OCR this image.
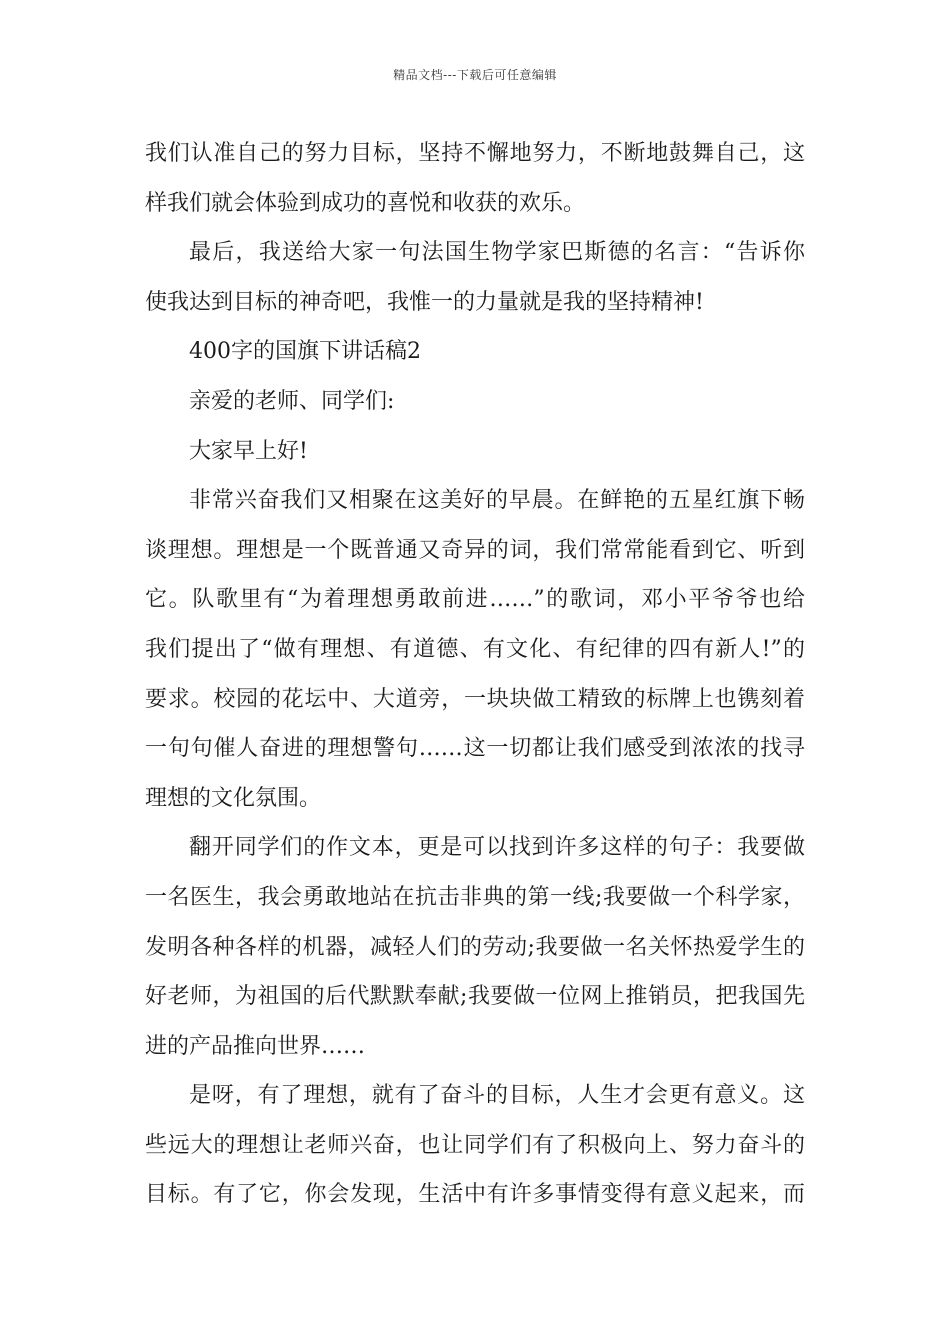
精品文档---下载后可任意编辑
我们认准自己的努力目标，坚持不懈地努力，不断地鼓舞自己，这
样我们就会体验到成功的喜悦和收获的欢乐。
最后，我送给大家一句法国生物学家巴斯德的名言：“告诉你
使我达到目标的神奇吧，我惟一的力量就是我的坚持精神!
400字的国旗下讲话稿2
亲爱的老师、同学们:
大家早上好!
非常兴奋我们又相聚在这美好的早晨。在鲜艳的五星红旗下畅
谈理想。理想是一个既普通又奇异的词，我们常常能看到它、听到
它。队歌里有“为着理想勇敢前进……”的歌词，邓小平爷爷也给
我们提出了“做有理想、有道德、有文化、有纪律的四有新人!”的
要求。校园的花坛中、大道旁，一块块做工精致的标牌上也镌刻着
一句句催人奋进的理想警句……这一切都让我们感受到浓浓的找寻
理想的文化氛围。
翻开同学们的作文本，更是可以找到许多这样的句子：我要做
一名医生，我会勇敢地站在抗击非典的第一线;我要做一个科学家，
发明各种各样的机器，减轻人们的劳动;我要做一名关怀热爱学生的
好老师，为祖国的后代默默奉献;我要做一位网上推销员，把我国先
进的产品推向世界……
是呀，有了理想，就有了奋斗的目标，人生才会更有意义。这
些远大的理想让老师兴奋，也让同学们有了积极向上、努力奋斗的
目标。有了它，你会发现，生活中有许多事情变得有意义起来，而
